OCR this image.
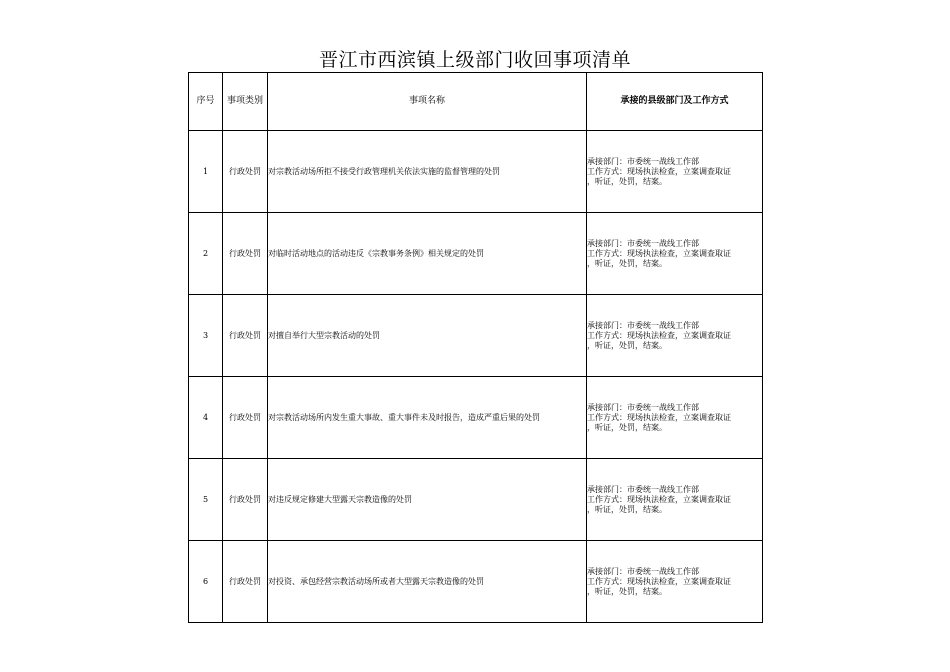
晋江市西滨镇上级部门收回事项清单
序号	事项类别	事项名称	承接的县级部门及工作方式
1	行政处罚	对宗教活动场所拒不接受行政管理机关依法实施的监督管理的处罚	承接部门：市委统一战线工作部
工作方式：现场执法检查，立案调查取证
，听证，处罚，结案。

2	行政处罚	对临时活动地点的活动违反《宗教事务条例》相关规定的处罚	承接部门：市委统一战线工作部
工作方式：现场执法检查，立案调查取证
，听证，处罚，结案。

3	行政处罚	对擅自举行大型宗教活动的处罚	承接部门：市委统一战线工作部
工作方式：现场执法检查，立案调查取证
，听证，处罚，结案。

4	行政处罚	对宗教活动场所内发生重大事故、重大事件未及时报告，造成严重后果的处罚	承接部门：市委统一战线工作部
工作方式：现场执法检查，立案调查取证
，听证，处罚，结案。

5	行政处罚	对违反规定修建大型露天宗教造像的处罚	承接部门：市委统一战线工作部
工作方式：现场执法检查，立案调查取证
，听证，处罚，结案。

6	行政处罚	对投资、承包经营宗教活动场所或者大型露天宗教造像的处罚	承接部门：市委统一战线工作部
工作方式：现场执法检查，立案调查取证
，听证，处罚，结案。
